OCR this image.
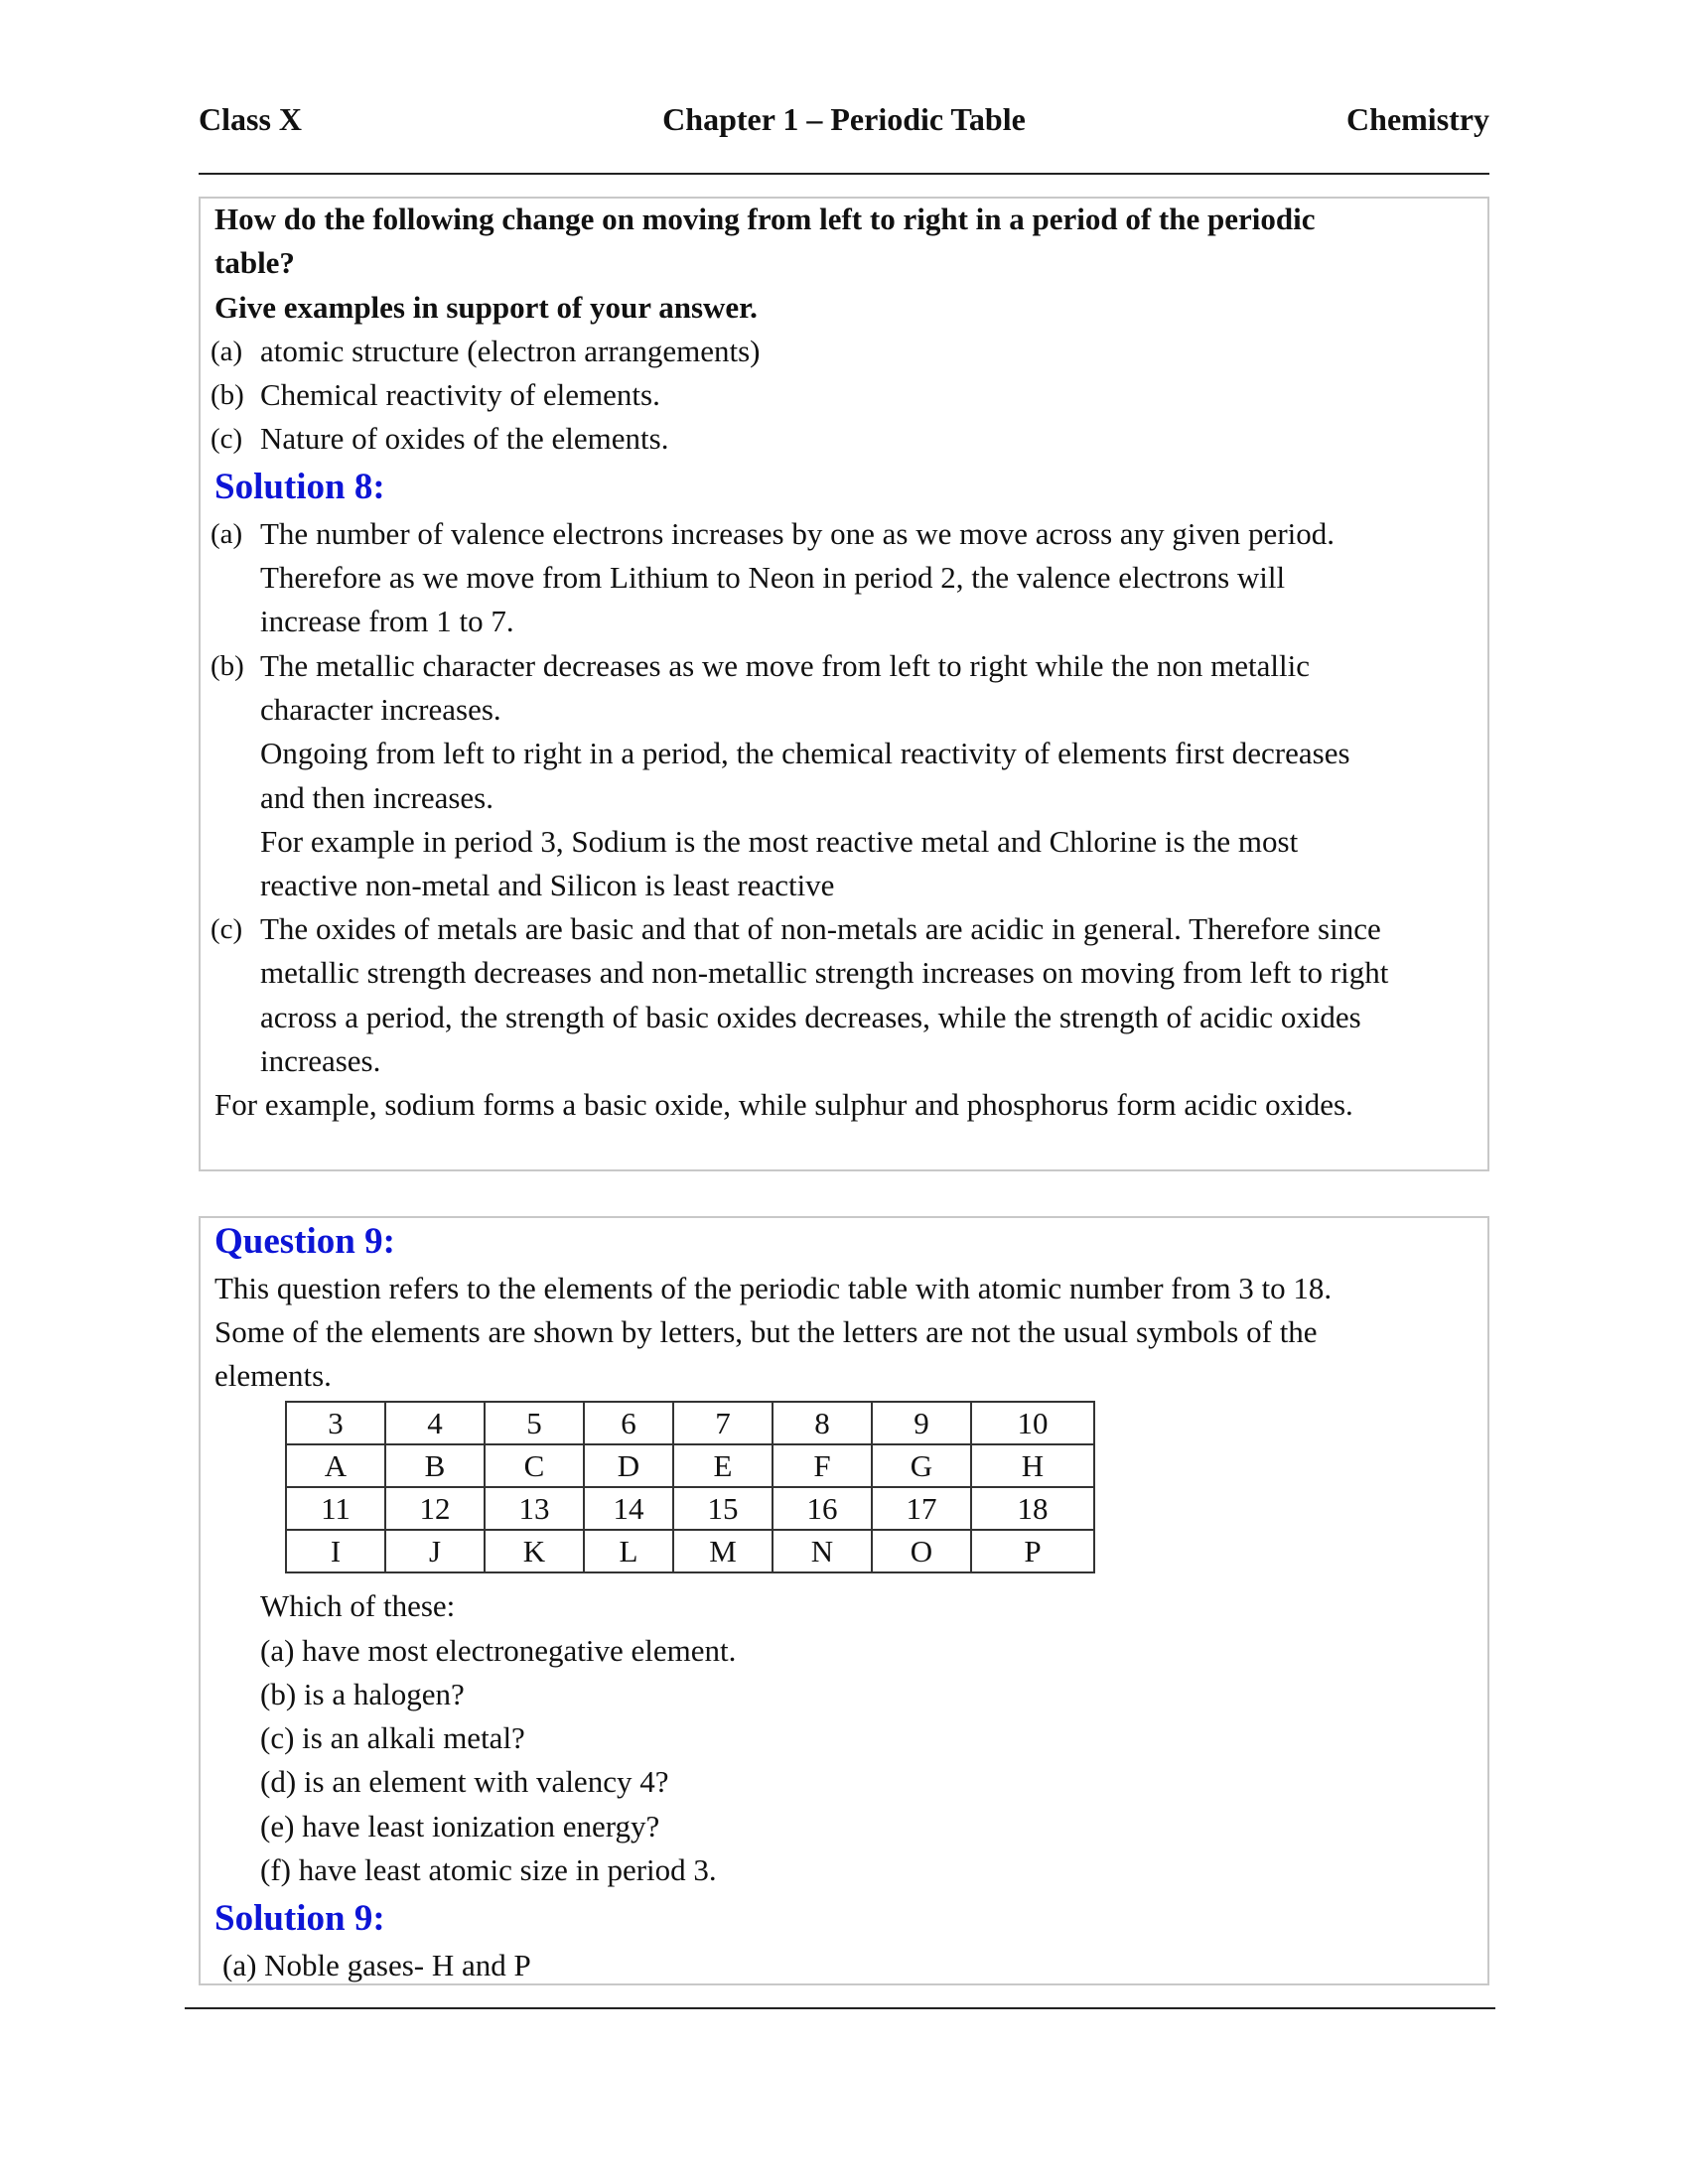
Class X	Chapter 1 – Periodic Table	Chemistry
How do the following change on moving from left to right in a period of the periodic
table?
Give examples in support of your answer.
(a) atomic structure (electron arrangements)
(b) Chemical reactivity of elements.
(c) Nature of oxides of the elements.
Solution 8:
(a) The number of valence electrons increases by one as we move across any given period.
Therefore as we move from Lithium to Neon in period 2, the valence electrons will
increase from 1 to 7.
(b) The metallic character decreases as we move from left to right while the non metallic
character increases.
Ongoing from left to right in a period, the chemical reactivity of elements first decreases
and then increases.
For example in period 3, Sodium is the most reactive metal and Chlorine is the most
reactive non-metal and Silicon is least reactive
(c) The oxides of metals are basic and that of non-metals are acidic in general. Therefore since
metallic strength decreases and non-metallic strength increases on moving from left to right
across a period, the strength of basic oxides decreases, while the strength of acidic oxides
increases.
For example, sodium forms a basic oxide, while sulphur and phosphorus form acidic oxides.
Question 9:
This question refers to the elements of the periodic table with atomic number from 3 to 18.
Some of the elements are shown by letters, but the letters are not the usual symbols of the
elements.
3	4	5	6	7	8	9	10
A	B	C	D	E	F	G	H
11	12	13	14	15	16	17	18
I	J	K	L	M	N	O	P
Which of these:
(a) have most electronegative element.
(b) is a halogen?
(c) is an alkali metal?
(d) is an element with valency 4?
(e) have least ionization energy?
(f) have least atomic size in period 3.
Solution 9:
(a) Noble gases- H and P
